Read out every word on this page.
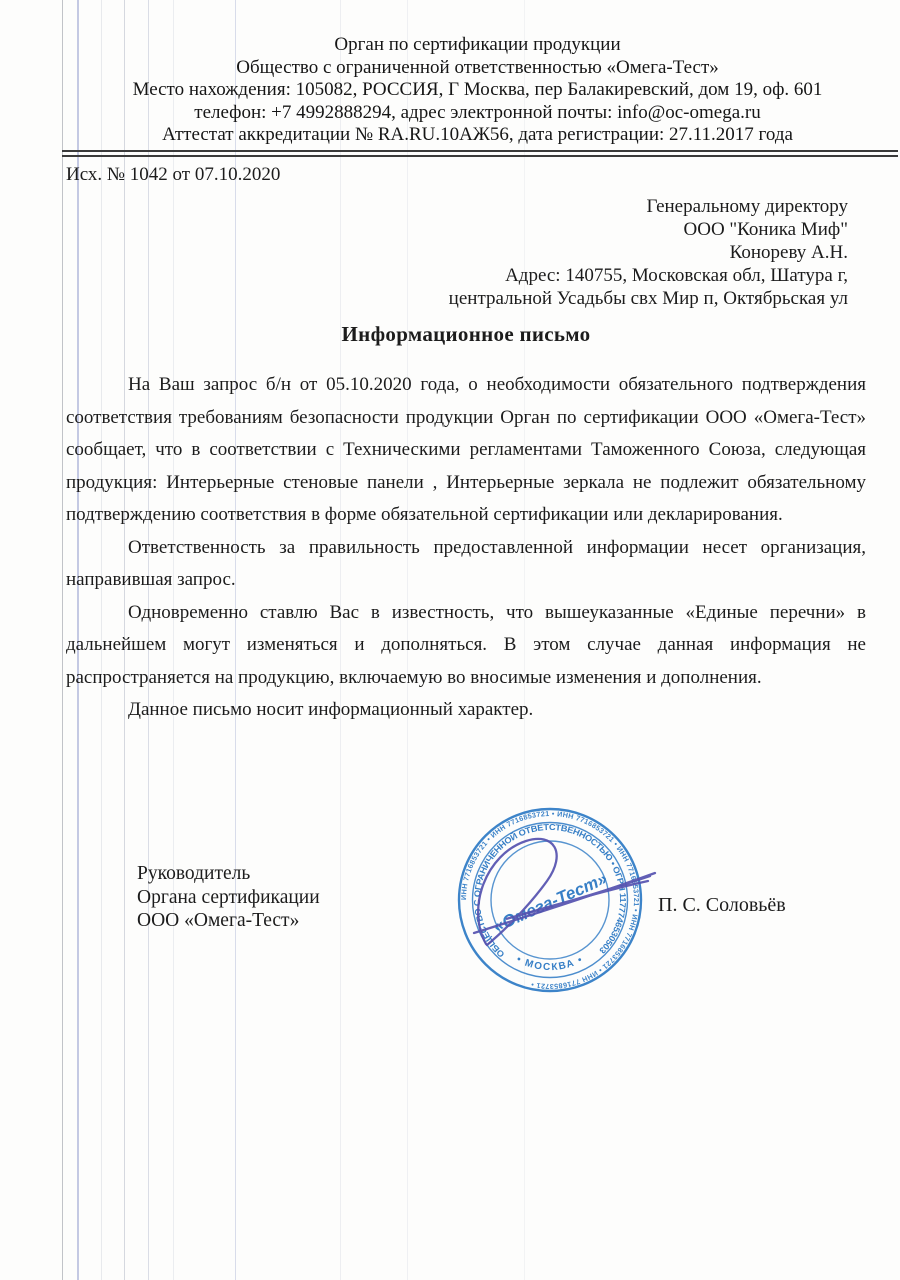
Орган по сертификации продукции
Общество с ограниченной ответственностью «Омега-Тест»
Место нахождения: 105082, РОССИЯ, Г Москва, пер Балакиревский, дом 19, оф. 601
телефон: +7 4992888294, адрес электронной почты: info@oc-omega.ru
Аттестат аккредитации № RA.RU.10АЖ56, дата регистрации: 27.11.2017 года
Исх. № 1042 от 07.10.2020
Генеральному директору
ООО "Коника Миф"
Конореву А.Н.
Адрес: 140755, Московская обл, Шатура г,
центральной Усадьбы свх Мир п, Октябрьская ул
Информационное письмо

На Ваш запрос б/н от 05.10.2020 года, о необходимости обязательного подтверждения соответствия требованиям безопасности продукции Орган по сертификации ООО «Омега-Тест» сообщает, что в соответствии с Техническими регламентами Таможенного Союза, следующая продукция: Интерьерные стеновые панели , Интерьерные зеркала не подлежит обязательному подтверждению соответствия в форме обязательной сертификации или декларирования.

Ответственность за правильность предоставленной информации несет организация, направившая запрос.

Одновременно ставлю Вас в известность, что вышеуказанные «Единые перечни» в дальнейшем могут изменяться и дополняться. В этом случае данная информация не распространяется на продукцию, включаемую во вносимые изменения и дополнения.

Данное письмо носит информационный характер.

Руководитель
Органа сертификации
ООО «Омега-Тест»
ИНН 7716853721 • ИНН 7716853721 • ИНН 7716853721 • ИНН 7716853721 • ИНН 7716853721 • ИНН 7716853721 •
ОБЩЕСТВО С ОГРАНИЧЕННОЙ ОТВЕТСТВЕННОСТЬЮ • ОГРН 1177746530503
• МОСКВА •
«Омега-Тест» П. С. Соловьёв
